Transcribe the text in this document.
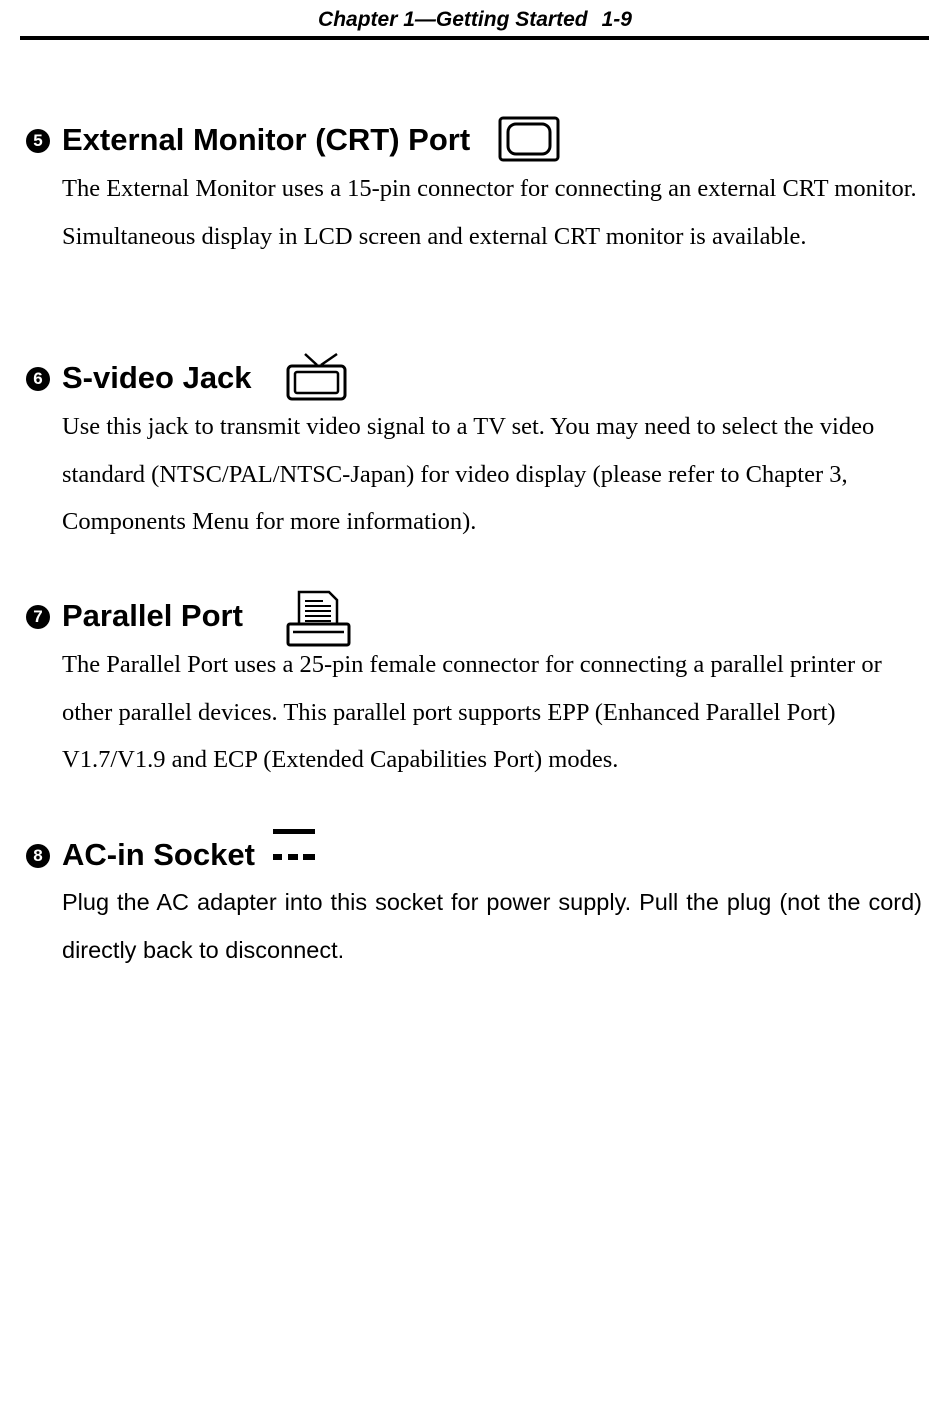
Chapter 1—Getting Started 1-9
5 External Monitor (CRT) Port

The External Monitor uses a 15-pin connector for connecting an external CRT monitor. Simultaneous display in LCD screen and external CRT monitor is available.

6 S-video Jack

Use this jack to transmit video signal to a TV set. You may need to select the video standard (NTSC/PAL/NTSC-Japan) for video display (please refer to Chapter 3, Components Menu for more information).

7 Parallel Port

The Parallel Port uses a 25-pin female connector for connecting a parallel printer or other parallel devices. This parallel port supports EPP (Enhanced Parallel Port) V1.7/V1.9 and ECP (Extended Capabilities Port) modes.

8 AC-in Socket

Plug the AC adapter into this socket for power supply. Pull the plug (not the cord) directly back to disconnect.
